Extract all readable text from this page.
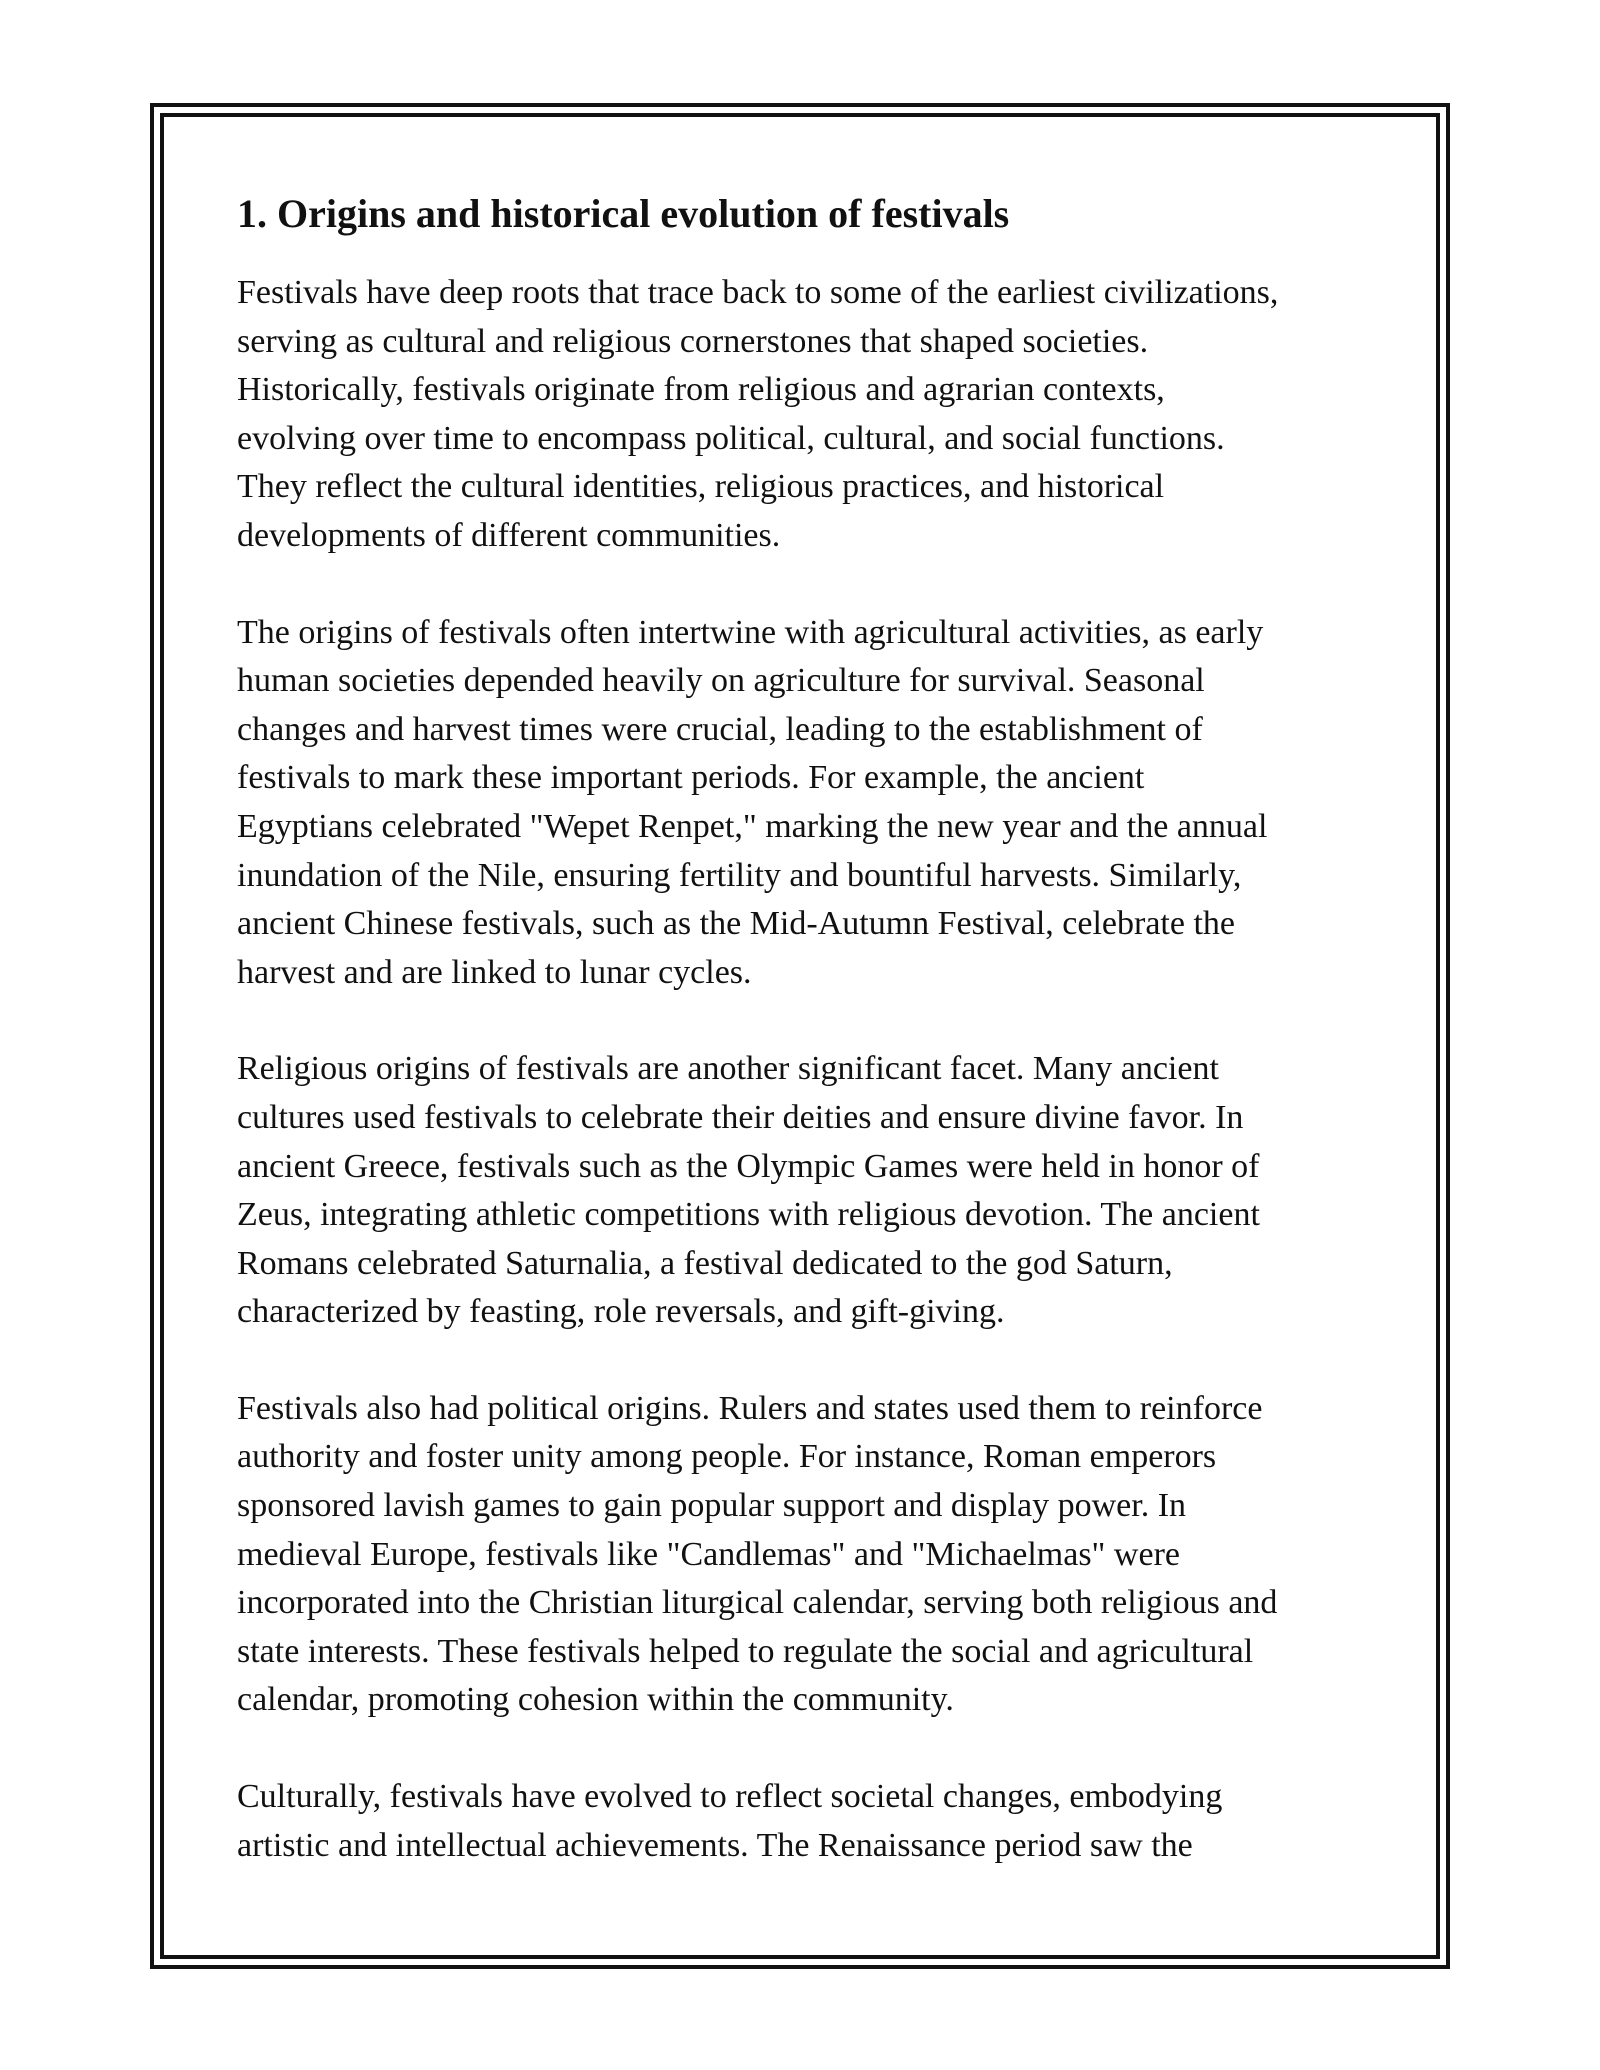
1. Origins and historical evolution of festivals
Festivals have deep roots that trace back to some of the earliest civilizations,
serving as cultural and religious cornerstones that shaped societies.
Historically, festivals originate from religious and agrarian contexts,
evolving over time to encompass political, cultural, and social functions.
They reflect the cultural identities, religious practices, and historical
developments of different communities.
The origins of festivals often intertwine with agricultural activities, as early
human societies depended heavily on agriculture for survival. Seasonal
changes and harvest times were crucial, leading to the establishment of
festivals to mark these important periods. For example, the ancient
Egyptians celebrated "Wepet Renpet," marking the new year and the annual
inundation of the Nile, ensuring fertility and bountiful harvests. Similarly,
ancient Chinese festivals, such as the Mid-Autumn Festival, celebrate the
harvest and are linked to lunar cycles.
Religious origins of festivals are another significant facet. Many ancient
cultures used festivals to celebrate their deities and ensure divine favor. In
ancient Greece, festivals such as the Olympic Games were held in honor of
Zeus, integrating athletic competitions with religious devotion. The ancient
Romans celebrated Saturnalia, a festival dedicated to the god Saturn,
characterized by feasting, role reversals, and gift-giving.
Festivals also had political origins. Rulers and states used them to reinforce
authority and foster unity among people. For instance, Roman emperors
sponsored lavish games to gain popular support and display power. In
medieval Europe, festivals like "Candlemas" and "Michaelmas" were
incorporated into the Christian liturgical calendar, serving both religious and
state interests. These festivals helped to regulate the social and agricultural
calendar, promoting cohesion within the community.
Culturally, festivals have evolved to reflect societal changes, embodying
artistic and intellectual achievements. The Renaissance period saw the
